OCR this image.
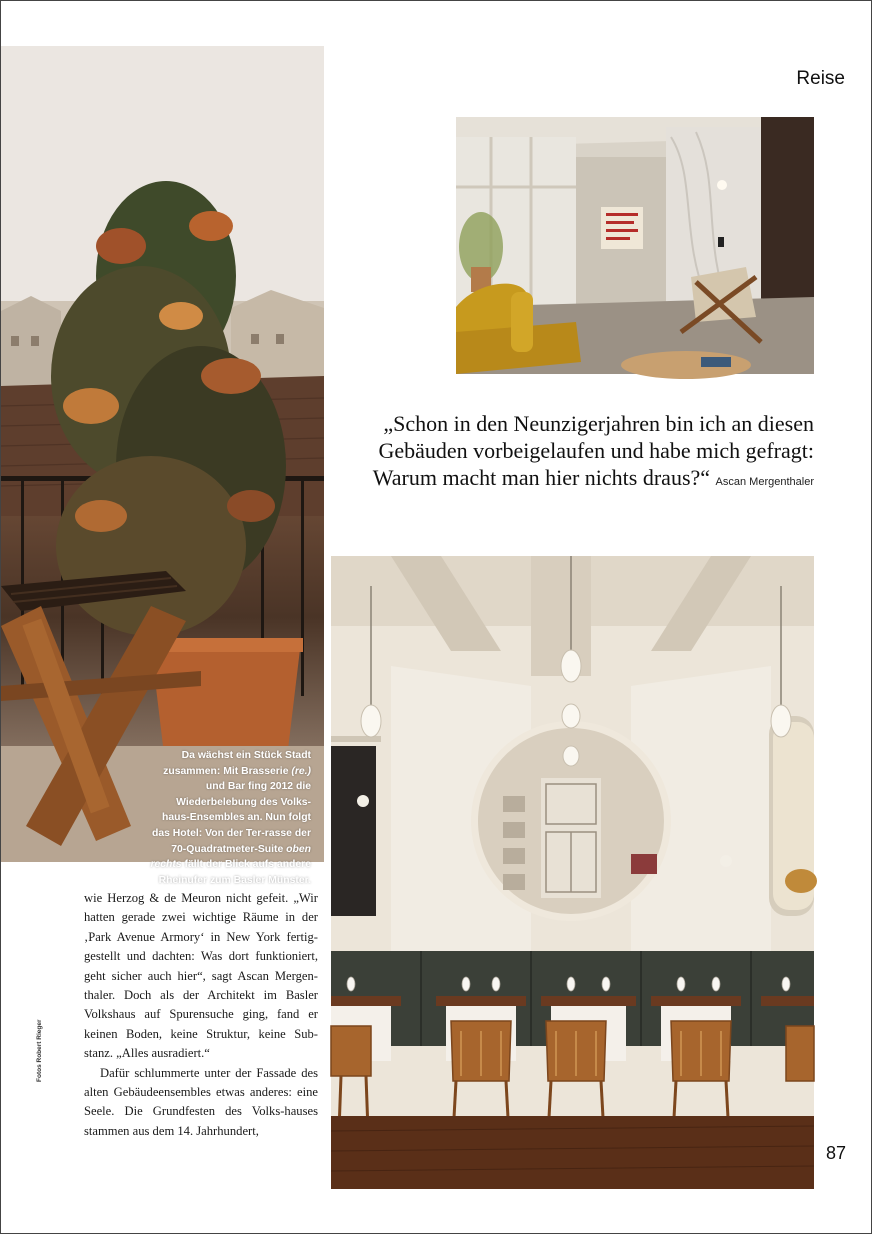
Reise
Da wächst ein Stück Stadt zusammen: Mit Brasserie (re.) und Bar fing 2012 die Wiederbelebung des Volks-haus-Ensembles an. Nun folgt das Hotel: Von der Ter-rasse der 70-Quadratmeter-Suite oben rechts fällt der Blick aufs andere Rheinufer zum Basler Münster.
„Schon in den Neunzigerjahren bin ich an diesen Gebäuden vorbeigelaufen und habe mich gefragt: Warum macht man hier nichts draus?“ Ascan Mergenthaler

wie Herzog & de Meuron nicht gefeit. „Wir hatten gerade zwei wichtige Räume in der ‚Park Avenue Armory‘ in New York fertig-gestellt und dachten: Was dort funktioniert, geht sicher auch hier“, sagt Ascan Mergen-thaler. Doch als der Architekt im Basler Volkshaus auf Spurensuche ging, fand er keinen Boden, keine Struktur, keine Sub-stanz. „Alles ausradiert.“

Dafür schlummerte unter der Fassade des alten Gebäudeensembles etwas anderes: eine Seele. Die Grundfesten des Volks-hauses stammen aus dem 14. Jahrhundert,

Fotos Robert Rieger
87
